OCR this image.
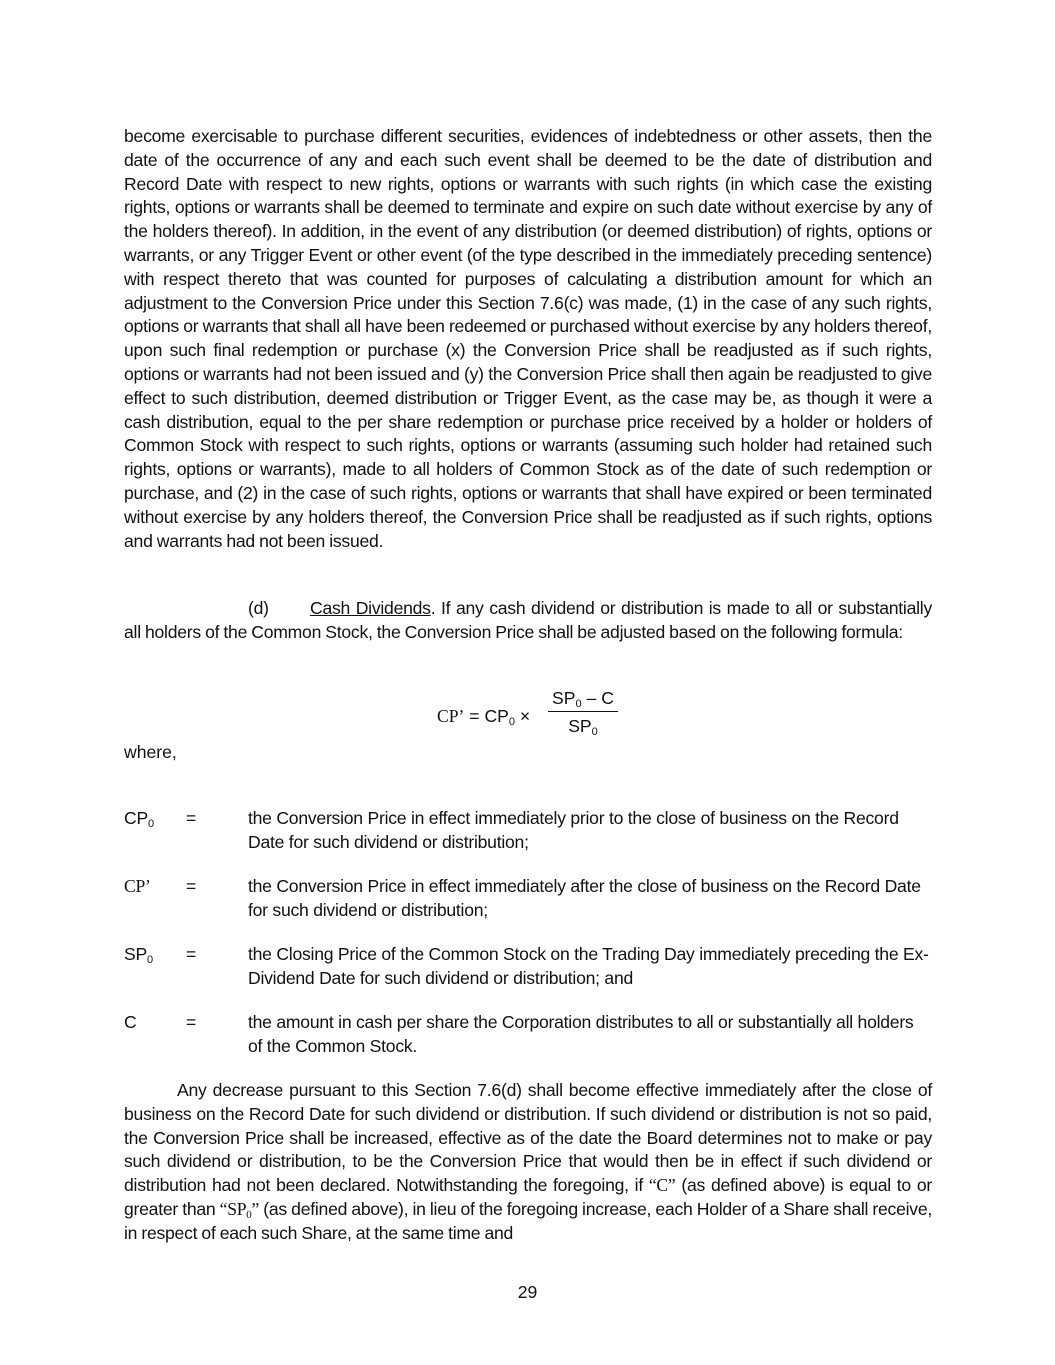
become exercisable to purchase different securities, evidences of indebtedness or other assets, then the date of the occurrence of any and each such event shall be deemed to be the date of distribution and Record Date with respect to new rights, options or warrants with such rights (in which case the existing rights, options or warrants shall be deemed to terminate and expire on such date without exercise by any of the holders thereof). In addition, in the event of any distribution (or deemed distribution) of rights, options or warrants, or any Trigger Event or other event (of the type described in the immediately preceding sentence) with respect thereto that was counted for purposes of calculating a distribution amount for which an adjustment to the Conversion Price under this Section 7.6(c) was made, (1) in the case of any such rights, options or warrants that shall all have been redeemed or purchased without exercise by any holders thereof, upon such final redemption or purchase (x) the Conversion Price shall be readjusted as if such rights, options or warrants had not been issued and (y) the Conversion Price shall then again be readjusted to give effect to such distribution, deemed distribution or Trigger Event, as the case may be, as though it were a cash distribution, equal to the per share redemption or purchase price received by a holder or holders of Common Stock with respect to such rights, options or warrants (assuming such holder had retained such rights, options or warrants), made to all holders of Common Stock as of the date of such redemption or purchase, and (2) in the case of such rights, options or warrants that shall have expired or been terminated without exercise by any holders thereof, the Conversion Price shall be readjusted as if such rights, options and warrants had not been issued.
(d) Cash Dividends. If any cash dividend or distribution is made to all or substantially all holders of the Common Stock, the Conversion Price shall be adjusted based on the following formula:
CP’ = $CP_0 \times \frac{SP_0 - C}{SP_0}$
where,
$CP_0$ =	the Conversion Price in effect immediately prior to the close of business on the Record Date for such dividend or distribution;
CP’ =	the Conversion Price in effect immediately after the close of business on the Record Date for such dividend or distribution;
$SP_0$ =	the Closing Price of the Common Stock on the Trading Day immediately preceding the Ex-Dividend Date for such dividend or distribution; and
C	=	the amount in cash per share the Corporation distributes to all or substantially all holders of the Common Stock.
Any decrease pursuant to this Section 7.6(d) shall become effective immediately after the close of business on the Record Date for such dividend or distribution. If such dividend or distribution is not so paid, the Conversion Price shall be increased, effective as of the date the Board determines not to make or pay such dividend or distribution, to be the Conversion Price that would then be in effect if such dividend or distribution had not been declared. Notwithstanding the foregoing, if “C” (as defined above) is equal to or greater than “$SP_0$” (as defined above), in lieu of the foregoing increase, each Holder of a Share shall receive, in respect of each such Share, at the same time and
29
